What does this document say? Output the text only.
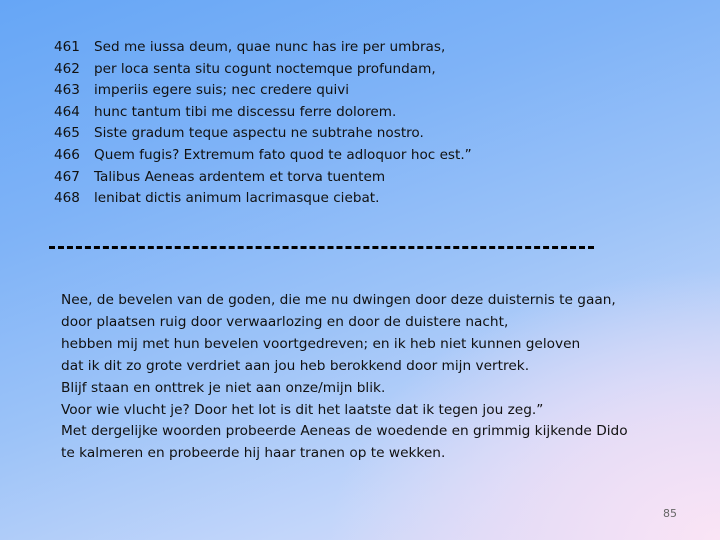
461	Sed me iussa deum, quae nunc has ire per umbras,
462	per loca senta situ cogunt noctemque profundam,
463	imperiis egere suis; nec credere quivi
464	hunc tantum tibi me discessu ferre dolorem.
465	Siste gradum teque aspectu ne subtrahe nostro.
466	Quem fugis? Extremum fato quod te adloquor hoc est.”
467	Talibus Aeneas ardentem et torva tuentem
468	lenibat dictis animum lacrimasque ciebat.
Nee, de bevelen van de goden, die me nu dwingen door deze duisternis te gaan,
door plaatsen ruig door verwaarlozing en door de duistere nacht,
hebben mij met hun bevelen voortgedreven; en ik heb niet kunnen geloven
dat ik dit zo grote verdriet aan jou heb berokkend door mijn vertrek.
Blijf staan en onttrek je niet aan onze/mijn blik.
Voor wie vlucht je? Door het lot is dit het laatste dat ik tegen jou zeg.”
Met dergelijke woorden probeerde Aeneas de woedende en grimmig kijkende Dido
te kalmeren en probeerde hij haar tranen op te wekken.
85
